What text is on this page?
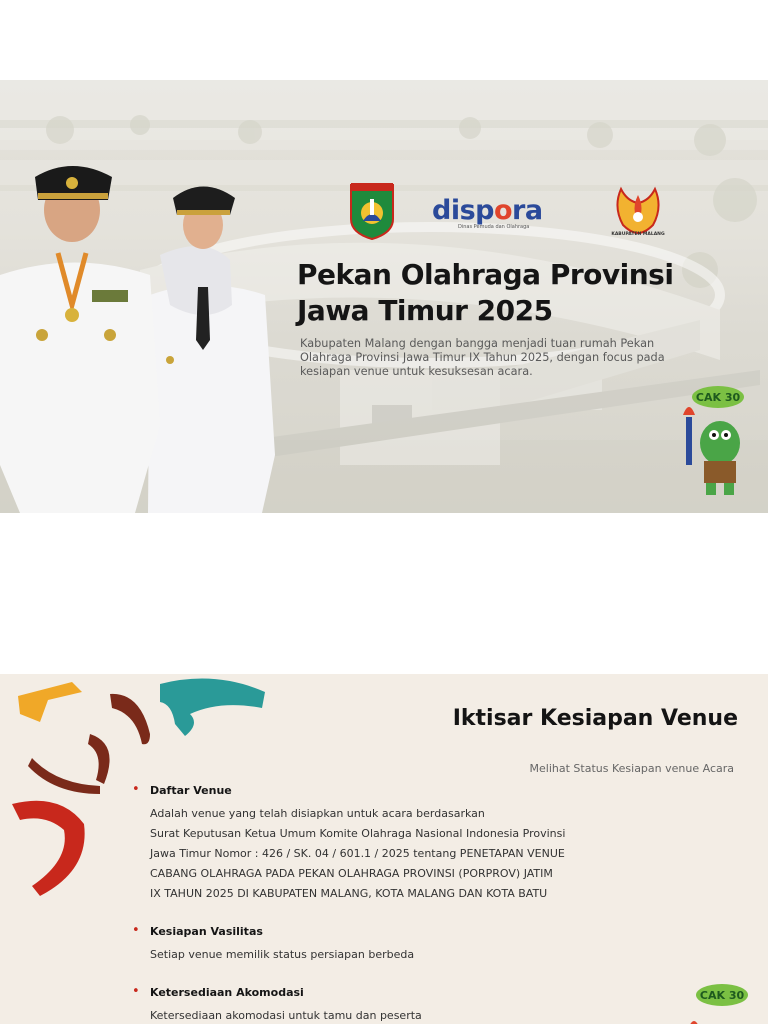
dispora
Dinas Pemuda dan Olahraga
KABUPATEN MALANG
Pekan Olahraga Provinsi Jawa Timur 2025

Kabupaten Malang dengan bangga menjadi tuan rumah Pekan Olahraga Provinsi Jawa Timur IX Tahun 2025, dengan focus pada kesiapan venue untuk kesuksesan acara.

CAK 30
Iktisar Kesiapan Venue
Melihat Status Kesiapan venue Acara
• Daftar Venue

Adalah venue yang telah disiapkan untuk acara berdasarkan
Surat Keputusan Ketua Umum Komite Olahraga Nasional Indonesia Provinsi
Jawa Timur Nomor : 426 / SK. 04 / 601.1 / 2025 tentang PENETAPAN VENUE
CABANG OLAHRAGA PADA PEKAN OLAHRAGA PROVINSI (PORPROV) JATIM
IX TAHUN 2025 DI KABUPATEN MALANG, KOTA MALANG DAN KOTA BATU

• Kesiapan Vasilitas

Setiap venue memilik status persiapan berbeda

• Ketersediaan Akomodasi

Ketersediaan akomodasi untuk tamu dan peserta

CAK 30
